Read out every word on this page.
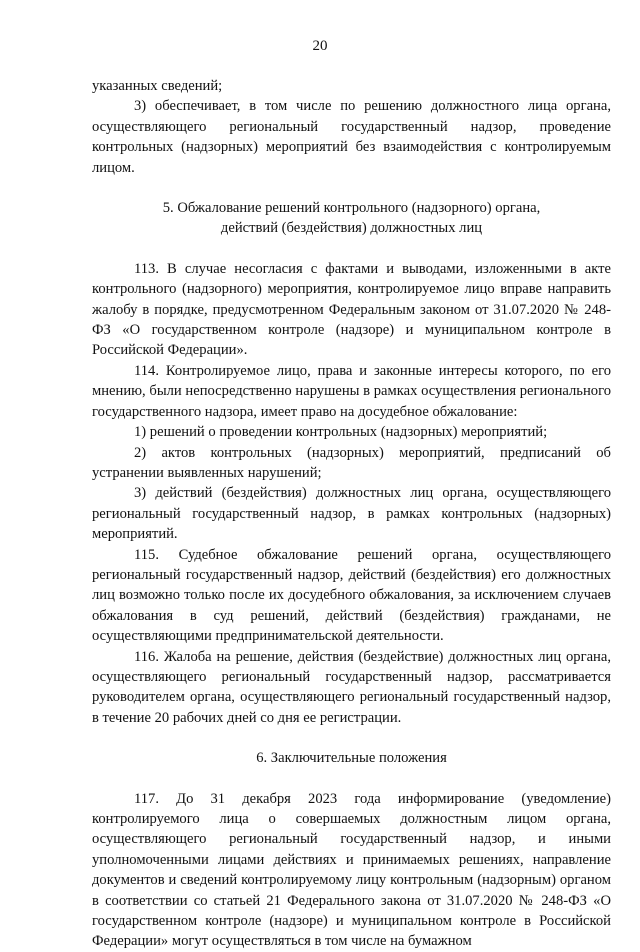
20

указанных сведений;

3) обеспечивает, в том числе по решению должностного лица органа, осуществляющего региональный государственный надзор, проведение контрольных (надзорных) мероприятий без взаимодействия с контролируемым лицом.

5. Обжалование решений контрольного (надзорного) органа,

действий (бездействия) должностных лиц

113. В случае несогласия с фактами и выводами, изложенными в акте контрольного (надзорного) мероприятия, контролируемое лицо вправе направить жалобу в порядке, предусмотренном Федеральным законом от 31.07.2020 № 248-ФЗ «О государственном контроле (надзоре) и муниципальном контроле в Российской Федерации».

114. Контролируемое лицо, права и законные интересы которого, по его мнению, были непосредственно нарушены в рамках осуществления регионального государственного надзора, имеет право на досудебное обжалование:

1) решений о проведении контрольных (надзорных) мероприятий;

2) актов контрольных (надзорных) мероприятий, предписаний об устранении выявленных нарушений;

3) действий (бездействия) должностных лиц органа, осуществляющего региональный государственный надзор, в рамках контрольных (надзорных) мероприятий.

115. Судебное обжалование решений органа, осуществляющего региональный государственный надзор, действий (бездействия) его должностных лиц возможно только после их досудебного обжалования, за исключением случаев обжалования в суд решений, действий (бездействия) гражданами, не осуществляющими предпринимательской деятельности.

116. Жалоба на решение, действия (бездействие) должностных лиц органа, осуществляющего региональный государственный надзор, рассматривается руководителем органа, осуществляющего региональный государственный надзор, в течение 20 рабочих дней со дня ее регистрации.

6. Заключительные положения

117. До 31 декабря 2023 года информирование (уведомление) контролируемого лица о совершаемых должностным лицом органа, осуществляющего региональный государственный надзор, и иными уполномоченными лицами действиях и принимаемых решениях, направление документов и сведений контролируемому лицу контрольным (надзорным) органом в соответствии со статьей 21 Федерального закона от 31.07.2020 № 248-ФЗ «О государственном контроле (надзоре) и муниципальном контроле в Российской Федерации» могут осуществляться в том числе на бумажном
